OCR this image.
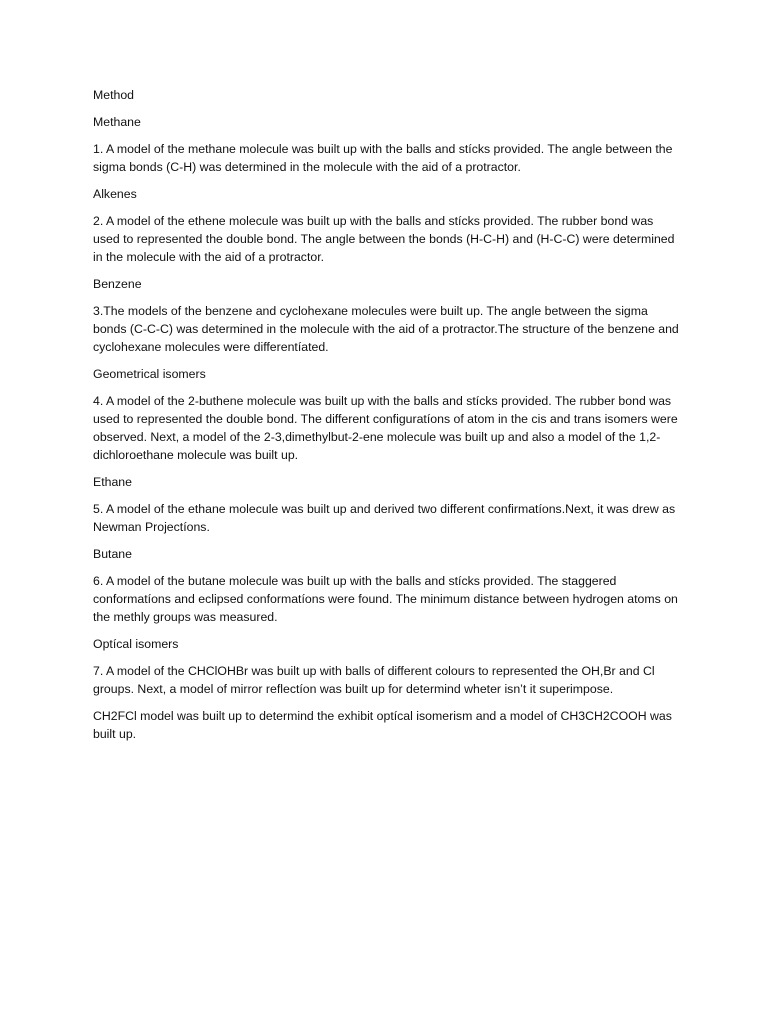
Method

Methane

1. A model of the methane molecule was built up with the balls and stícks provided. The angle between the sigma bonds (C-H) was determined in the molecule with the aid of a protractor.

Alkenes

2. A model of the ethene molecule was built up with the balls and stícks provided. The rubber bond was used to represented the double bond. The angle between the bonds (H-C-H) and (H-C-C) were determined in the molecule with the aid of a protractor.

Benzene

3.The models of the benzene and cyclohexane molecules were built up. The angle between the sigma bonds (C-C-C) was determined in the molecule with the aid of a protractor.The structure of the benzene and cyclohexane molecules were differentíated.

Geometrical isomers

4. A model of the 2-buthene molecule was built up with the balls and stícks provided. The rubber bond was used to represented the double bond. The different configuratíons of atom in the cis and trans isomers were observed. Next, a model of the 2-3,dimethylbut-2-ene molecule was built up and also a model of the 1,2-dichloroethane molecule was built up.

Ethane

5. A model of the ethane molecule was built up and derived two different confirmatíons.Next, it was drew as Newman Projectíons.

Butane

6. A model of the butane molecule was built up with the balls and stícks provided. The staggered conformatíons and eclipsed conformatíons were found. The minimum distance between hydrogen atoms on the methly groups was measured.

Optícal isomers

7. A model of the CHClOHBr was built up with balls of different colours to represented the OH,Br and Cl groups. Next, a model of mirror reflectíon was built up for determind wheter isn’t it superimpose.

CH2FCl model was built up to determind the exhibit optícal isomerism and a model of CH3CH2COOH was built up.
